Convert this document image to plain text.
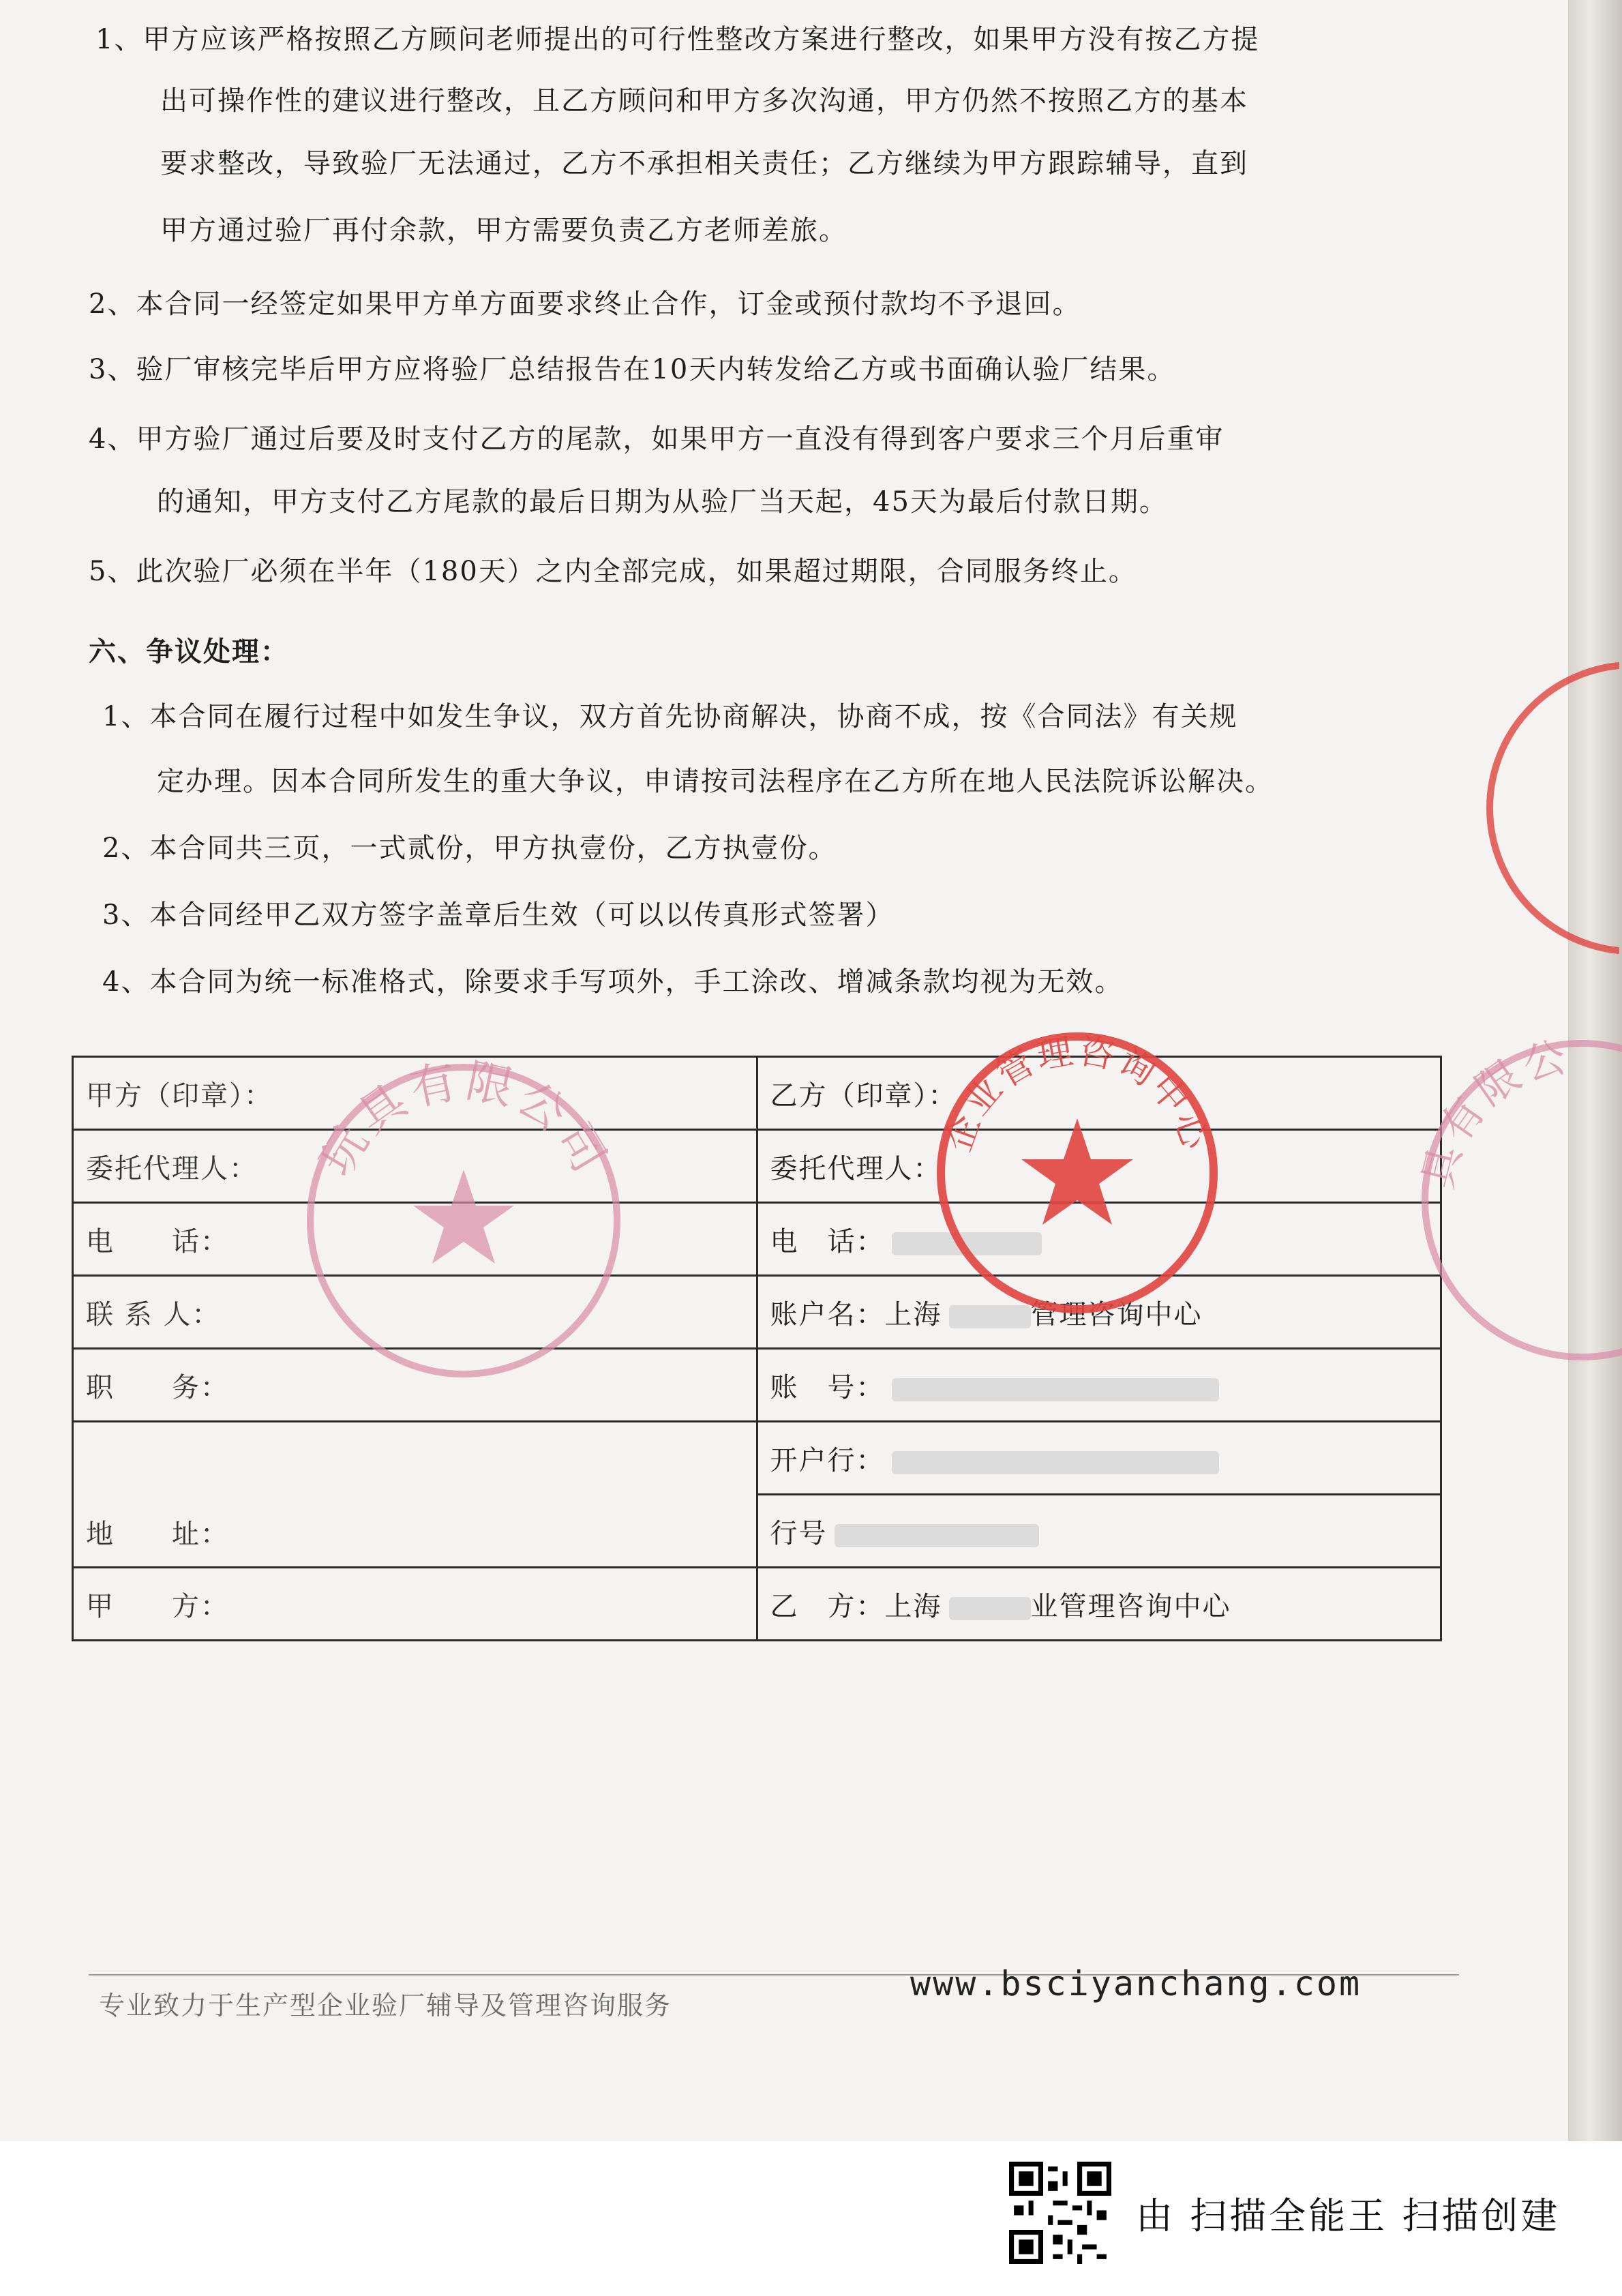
1、甲方应该严格按照乙方顾问老师提出的可行性整改方案进行整改，如果甲方没有按乙方提
出可操作性的建议进行整改，且乙方顾问和甲方多次沟通，甲方仍然不按照乙方的基本
要求整改，导致验厂无法通过，乙方不承担相关责任；乙方继续为甲方跟踪辅导，直到
甲方通过验厂再付余款，甲方需要负责乙方老师差旅。
2、本合同一经签定如果甲方单方面要求终止合作，订金或预付款均不予退回。
3、验厂审核完毕后甲方应将验厂总结报告在10天内转发给乙方或书面确认验厂结果。
4、甲方验厂通过后要及时支付乙方的尾款，如果甲方一直没有得到客户要求三个月后重审
的通知，甲方支付乙方尾款的最后日期为从验厂当天起，45天为最后付款日期。
5、此次验厂必须在半年（180天）之内全部完成，如果超过期限，合同服务终止。
六、争议处理：
1、本合同在履行过程中如发生争议，双方首先协商解决，协商不成，按《合同法》有关规
定办理。因本合同所发生的重大争议，申请按司法程序在乙方所在地人民法院诉讼解决。
2、本合同共三页，一式贰份，甲方执壹份，乙方执壹份。
3、本合同经甲乙双方签字盖章后生效（可以以传真形式签署）
4、本合同为统一标准格式，除要求手写项外，手工涂改、增减条款均视为无效。
甲方（印章）：	乙方（印章）：
委托代理人：	委托代理人：
电　　话：	电　话：
联 系 人：	账户名：上海 管理咨询中心
职　　务：	账　号：
地　　址：	开户行：
	行号
甲　　方：	乙　方：上海 业管理咨询中心
玩具有限公司	企业管理咨询中心
具有限公
专业致力于生产型企业验厂辅导及管理咨询服务
www.bsciyanchang.com
由 扫描全能王 扫描创建
